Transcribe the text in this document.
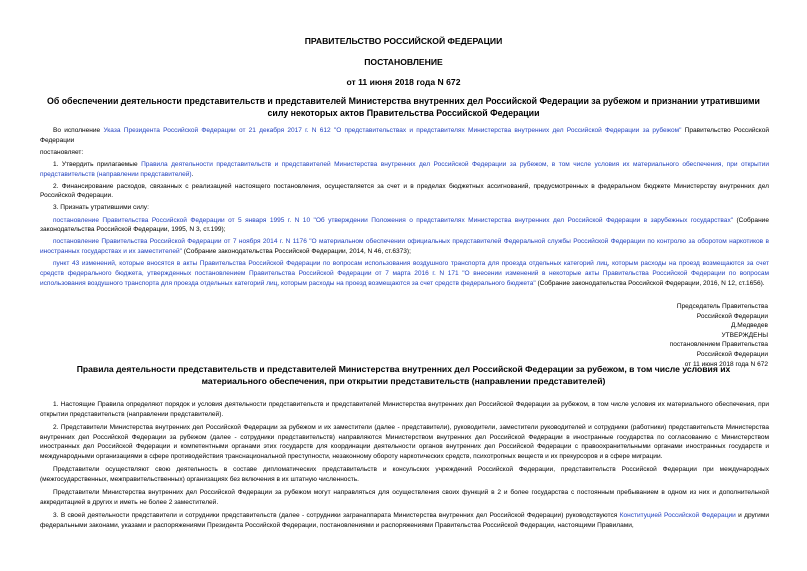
ПРАВИТЕЛЬСТВО РОССИЙСКОЙ ФЕДЕРАЦИИ
ПОСТАНОВЛЕНИЕ
от 11 июня 2018 года N 672
Об обеспечении деятельности представительств и представителей Министерства внутренних дел Российской Федерации за рубежом и признании утратившими силу некоторых актов Правительства Российской Федерации

Во исполнение Указа Президента Российской Федерации от 21 декабря 2017 г. N 612 "О представительствах и представителях Министерства внутренних дел Российской Федерации за рубежом" Правительство Российской Федерации

постановляет:

1. Утвердить прилагаемые Правила деятельности представительств и представителей Министерства внутренних дел Российской Федерации за рубежом, в том числе условия их материального обеспечения, при открытии представительств (направлении представителей).

2. Финансирование расходов, связанных с реализацией настоящего постановления, осуществляется за счет и в пределах бюджетных ассигнований, предусмотренных в федеральном бюджете Министерству внутренних дел Российской Федерации.

3. Признать утратившими силу:

постановление Правительства Российской Федерации от 5 января 1995 г. N 10 "Об утверждении Положения о представителях Министерства внутренних дел Российской Федерации в зарубежных государствах" (Собрание законодательства Российской Федерации, 1995, N 3, ст.199);

постановление Правительства Российской Федерации от 7 ноября 2014 г. N 1176 "О материальном обеспечении официальных представителей Федеральной службы Российской Федерации по контролю за оборотом наркотиков в иностранных государствах и их заместителей" (Собрание законодательства Российской Федерации, 2014, N 46, ст.6373);

пункт 43 изменений, которые вносятся в акты Правительства Российской Федерации по вопросам использования воздушного транспорта для проезда отдельных категорий лиц, которым расходы на проезд возмещаются за счет средств федерального бюджета, утвержденных постановлением Правительства Российской Федерации от 7 марта 2016 г. N 171 "О внесении изменений в некоторые акты Правительства Российской Федерации по вопросам использования воздушного транспорта для проезда отдельных категорий лиц, которым расходы на проезд возмещаются за счет средств федерального бюджета" (Собрание законодательства Российской Федерации, 2016, N 12, ст.1656).

Председатель Правительства
Российской Федерации
Д.Медведев
УТВЕРЖДЕНЫ
постановлением Правительства
Российской Федерации
от 11 июня 2018 года N 672
Правила деятельности представительств и представителей Министерства внутренних дел Российской Федерации за рубежом, в том числе условия их материального обеспечения, при открытии представительств (направлении представителей)

1. Настоящие Правила определяют порядок и условия деятельности представительств и представителей Министерства внутренних дел Российской Федерации за рубежом, в том числе условия их материального обеспечения, при открытии представительств (направлении представителей).

2. Представители Министерства внутренних дел Российской Федерации за рубежом и их заместители (далее - представители), руководители, заместители руководителей и сотрудники (работники) представительств Министерства внутренних дел Российской Федерации за рубежом (далее - сотрудники представительств) направляются Министерством внутренних дел Российской Федерации в иностранные государства по согласованию с Министерством иностранных дел Российской Федерации и компетентными органами этих государств для координации деятельности органов внутренних дел Российской Федерации с правоохранительными органами иностранных государств и международными организациями в сфере противодействия транснациональной преступности, незаконному обороту наркотических средств, психотропных веществ и их прекурсоров и в сфере миграции.

Представители осуществляют свою деятельность в составе дипломатических представительств и консульских учреждений Российской Федерации, представительств Российской Федерации при международных (межгосударственных, межправительственных) организациях без включения в их штатную численность.

Представители Министерства внутренних дел Российской Федерации за рубежом могут направляться для осуществления своих функций в 2 и более государства с постоянным пребыванием в одном из них и дополнительной аккредитацией в других и иметь не более 2 заместителей.

3. В своей деятельности представители и сотрудники представительств (далее - сотрудники загранаппарата Министерства внутренних дел Российской Федерации) руководствуются Конституцией Российской Федерации и другими федеральными законами, указами и распоряжениями Президента Российской Федерации, постановлениями и распоряжениями Правительства Российской Федерации, настоящими Правилами,
